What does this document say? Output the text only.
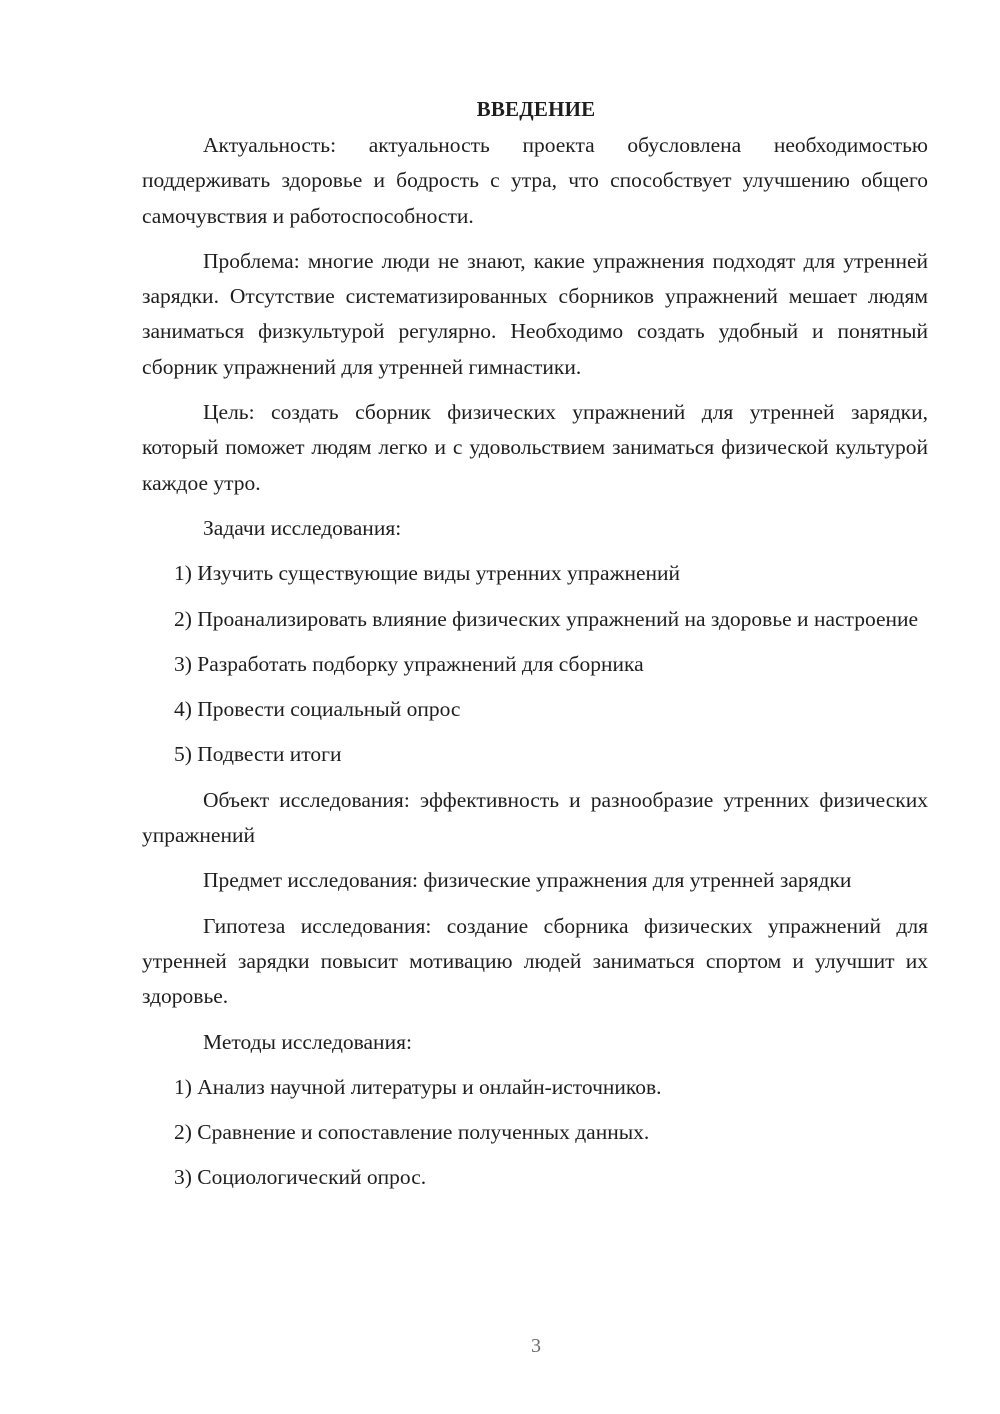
ВВЕДЕНИЕ

Актуальность: актуальность проекта обусловлена необходимостью поддерживать здоровье и бодрость с утра, что способствует улучшению общего самочувствия и работоспособности.

Проблема: многие люди не знают, какие упражнения подходят для утренней зарядки. Отсутствие систематизированных сборников упражнений мешает людям заниматься физкультурой регулярно. Необходимо создать удобный и понятный сборник упражнений для утренней гимнастики.

Цель: создать сборник физических упражнений для утренней зарядки, который поможет людям легко и с удовольствием заниматься физической культурой каждое утро.

Задачи исследования:

1) Изучить существующие виды утренних упражнений

2) Проанализировать влияние физических упражнений на здоровье и настроение

3) Разработать подборку упражнений для сборника

4) Провести социальный опрос

5) Подвести итоги

Объект исследования: эффективность и разнообразие утренних физических упражнений

Предмет исследования: физические упражнения для утренней зарядки

Гипотеза исследования: создание сборника физических упражнений для утренней зарядки повысит мотивацию людей заниматься спортом и улучшит их здоровье.

Методы исследования:

1) Анализ научной литературы и онлайн-источников.

2) Сравнение и сопоставление полученных данных.

3) Социологический опрос.

3
